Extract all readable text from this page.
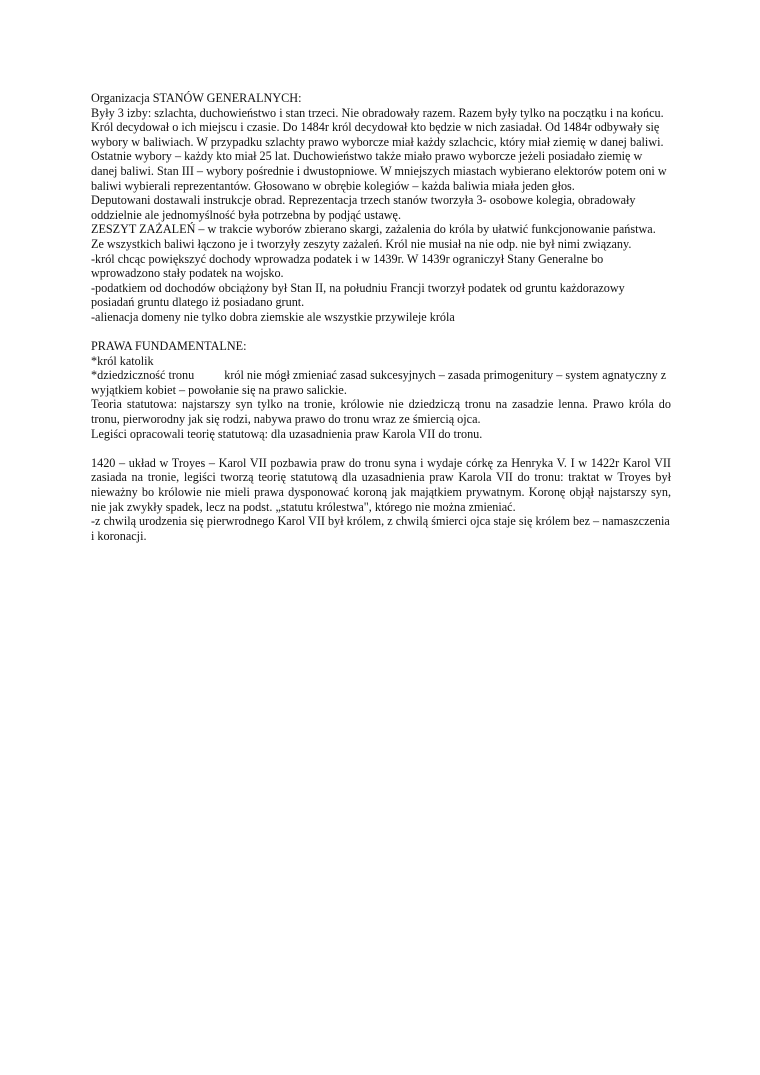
Organizacja STANÓW GENERALNYCH:

Były 3 izby: szlachta, duchowieństwo i stan trzeci. Nie obradowały razem. Razem były tylko na początku i na końcu. Król decydował o ich miejscu i czasie. Do 1484r król decydował kto będzie w nich zasiadał. Od 1484r odbywały się wybory w baliwiach. W przypadku szlachty prawo wyborcze miał każdy szlachcic, który miał ziemię w danej baliwi. Ostatnie wybory – każdy kto miał 25 lat. Duchowieństwo także miało prawo wyborcze jeżeli posiadało ziemię w danej baliwi. Stan III – wybory pośrednie i dwustopniowe. W mniejszych miastach wybierano elektorów potem oni w baliwi wybierali reprezentantów. Głosowano w obrębie kolegiów – każda baliwia miała jeden głos.

Deputowani dostawali instrukcje obrad. Reprezentacja trzech stanów tworzyła 3- osobowe kolegia, obradowały oddzielnie ale jednomyślność była potrzebna by podjąć ustawę.

ZESZYT ZAŻALEŃ – w trakcie wyborów zbierano skargi, zażalenia do króla by ułatwić funkcjonowanie państwa. Ze wszystkich baliwi łączono je i tworzyły zeszyty zażaleń. Król nie musiał na nie odp. nie był nimi związany.

-król chcąc powiększyć dochody wprowadza podatek i w 1439r. W 1439r ograniczył Stany Generalne bo wprowadzono stały podatek na wojsko.

-podatkiem od dochodów obciążony był Stan II, na południu Francji tworzył podatek od gruntu każdorazowy posiadań gruntu dlatego iż posiadano grunt.

-alienacja domeny nie tylko dobra ziemskie ale wszystkie przywileje króla

PRAWA FUNDAMENTALNE:

*król katolik

*dziedziczność tronu król nie mógł zmieniać zasad sukcesyjnych – zasada primogenitury – system agnatyczny z wyjątkiem kobiet – powołanie się na prawo salickie.

Teoria statutowa: najstarszy syn tylko na tronie, królowie nie dziedziczą tronu na zasadzie lenna. Prawo króla do tronu, pierworodny jak się rodzi, nabywa prawo do tronu wraz ze śmiercią ojca.

Legiści opracowali teorię statutową: dla uzasadnienia praw Karola VII do tronu.

1420 – układ w Troyes – Karol VII pozbawia praw do tronu syna i wydaje córkę za Henryka V. I w 1422r Karol VII zasiada na tronie, legiści tworzą teorię statutową dla uzasadnienia praw Karola VII do tronu: traktat w Troyes był nieważny bo królowie nie mieli prawa dysponować koroną jak majątkiem prywatnym. Koronę objął najstarszy syn, nie jak zwykły spadek, lecz na podst. „statutu królestwa", którego nie można zmieniać.

-z chwilą urodzenia się pierwrodnego Karol VII był królem, z chwilą śmierci ojca staje się królem bez – namaszczenia i koronacji.
